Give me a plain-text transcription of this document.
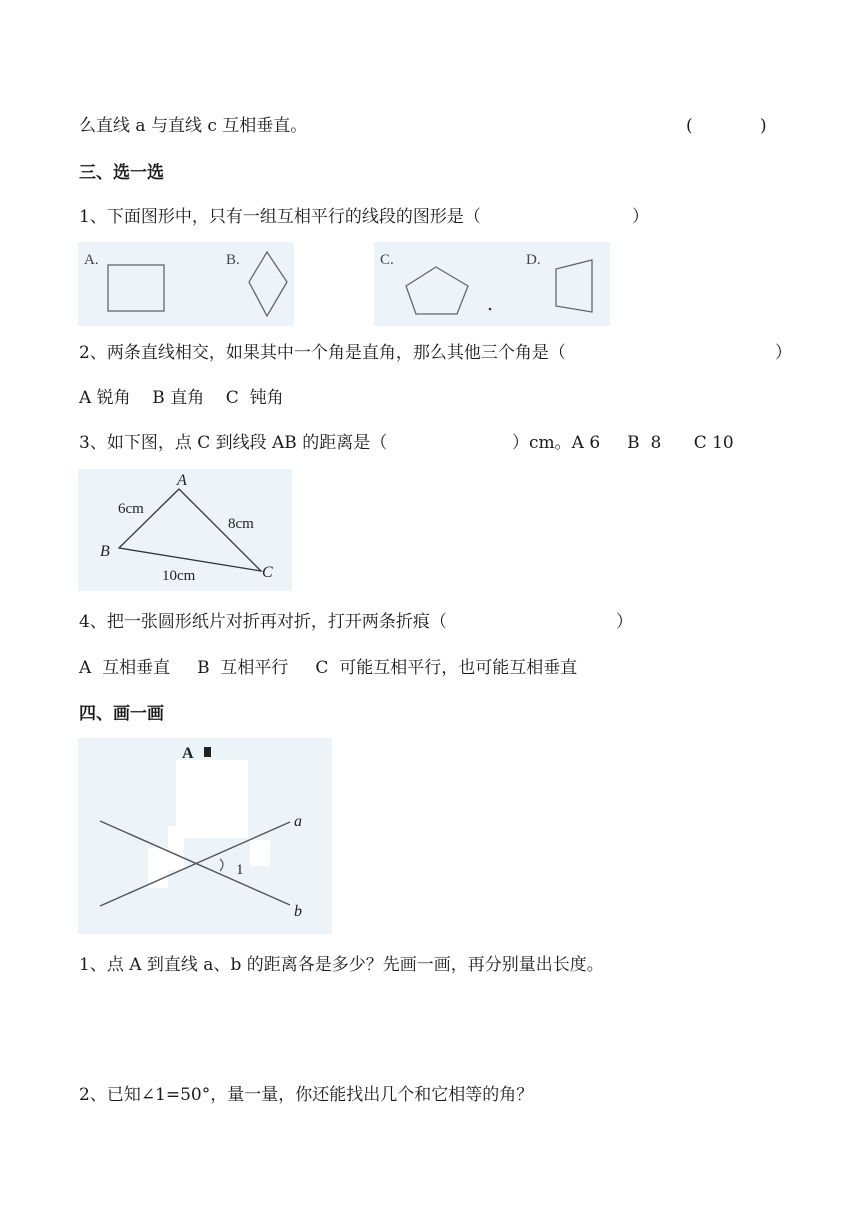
么直线 a 与直线 c 互相垂直。	(	)
三、选一选
1、下面图形中，只有一组互相平行的线段的图形是（	）
A.	B.	C.	D.
2、两条直线相交，如果其中一个角是直角，那么其他三个角是（	）
A 锐角    B 直角    C  钝角
3、如下图，点 C 到线段 AB 的距离是（	）cm。A 6     B  8      C 10
A
B
C
6cm
8cm
10cm
4、把一张圆形纸片对折再对折，打开两条折痕（	）
A  互相垂直     B  互相平行     C  可能互相平行，也可能互相垂直
四、画一画
A
a
b
1
1、点 A 到直线 a、b 的距离各是多少？先画一画，再分别量出长度。
2、已知∠1=50°，量一量，你还能找出几个和它相等的角？
